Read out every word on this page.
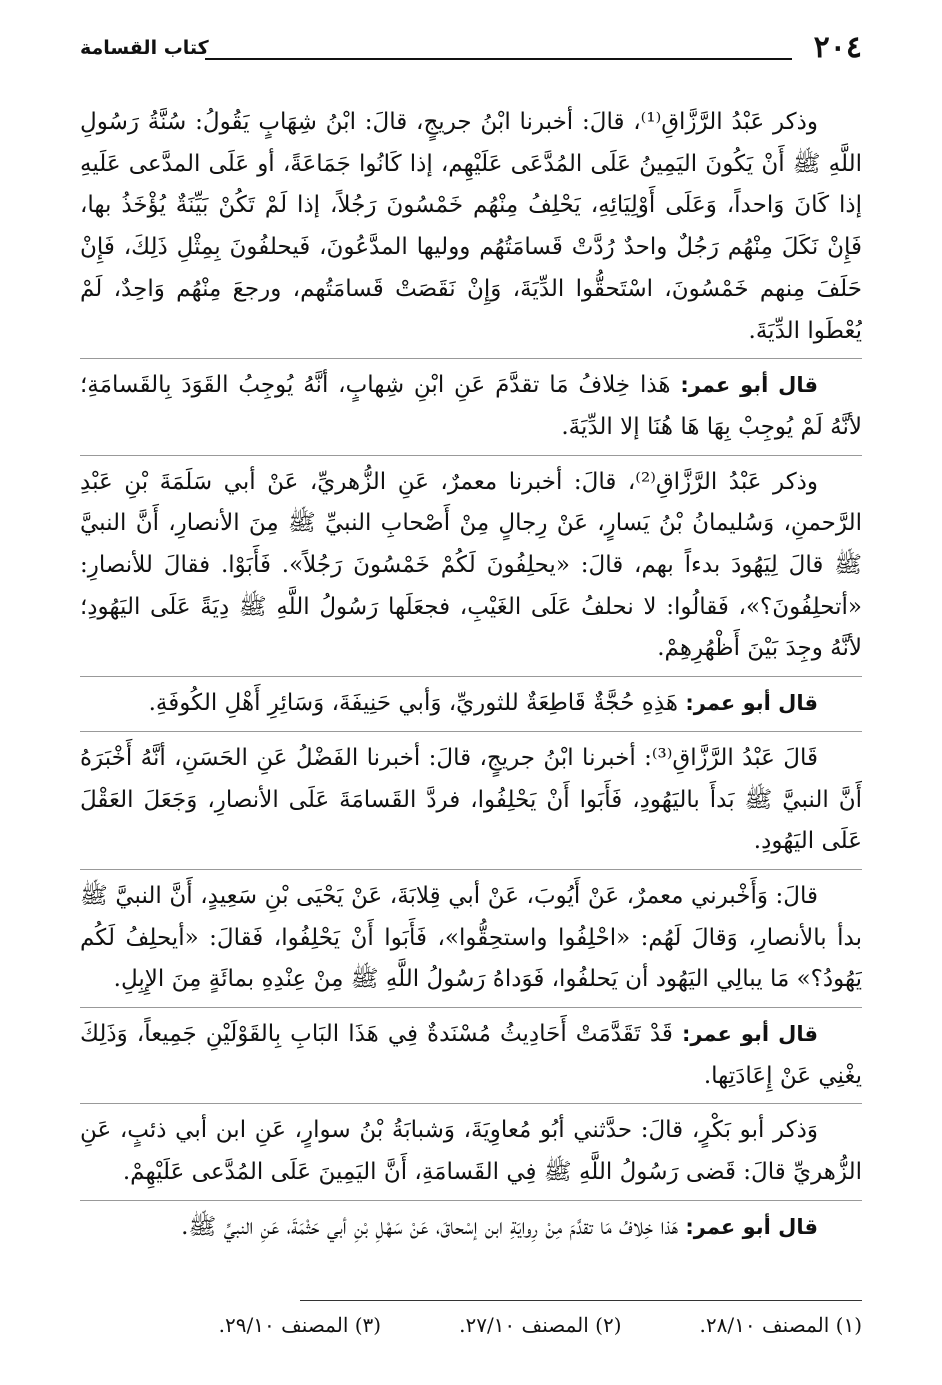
٢٠٤
كتاب القسامة

وذكر عَبْدُ الرَّزَّاقِ⁽¹⁾، قالَ: أخبرنا ابْنُ جريجٍ، قالَ: ابْنُ شِهَابٍ يَقُولُ: سُنَّةُ رَسُولِ اللَّهِ ﷺ أَنْ يَكُونَ اليَمِينُ عَلَى المُدَّعَى عَلَيْهِم، إذا كَانُوا جَمَاعَةً، أو عَلَى المدَّعى عَلَيهِ إذا كَانَ وَاحداً، وَعَلَى أَوْلِيَائِهِ، يَحْلِفُ مِنْهُم خَمْسُونَ رَجُلاً، إذا لَمْ تَكُنْ بَيِّنَةٌ يُؤْخَذُ بها، فَإِنْ نَكَلَ مِنْهُم رَجُلٌ واحدٌ رُدَّتْ قَسامَتُهُم ووليها المدَّعُونَ، فَيحلفُونَ بِمِثْلِ ذَلِكَ، فَإِنْ حَلَفَ مِنهم خَمْسُونَ، اسْتَحقُّوا الدِّيَةَ، وَإِنْ نَقَصَتْ قَسامَتُهم، ورجعَ مِنْهُم وَاحِدٌ، لَمْ يُعْطَوا الدِّيَةَ.

قال أبو عمر: هَذا خِلافُ مَا تقدَّمَ عَنِ ابْنِ شِهابٍ، أنَّهُ يُوجِبُ القَوَدَ بِالقَسامَةِ؛ لأنَّهُ لَمْ يُوجِبْ بِهَا هَا هُنَا إلا الدِّيَةَ.

وذكر عَبْدُ الرَّزَّاقِ⁽²⁾، قالَ: أخبرنا معمرٌ، عَنِ الزُّهريِّ، عَنْ أبي سَلَمَةَ بْنِ عَبْدِ الرَّحمنِ، وَسُليمانُ بْنُ يَسارٍ، عَنْ رِجالٍ مِنْ أَصْحابِ النبيِّ ﷺ مِنَ الأنصارِ، أَنَّ النبيَّ ﷺ قالَ لِيَهُودَ بدءاً بهم، قالَ: «يحلِفُونَ لَكُمْ خَمْسُونَ رَجُلاً». فَأَبَوْا. فقالَ للأنصارِ: «أتحلِفُونَ؟»، فَقالُوا: لا نحلفُ عَلَى الغَيْبِ، فجعَلَها رَسُولُ اللَّهِ ﷺ دِيَةً عَلَى اليَهُودِ؛ لأنَّهُ وجِدَ بَيْنَ أَظْهُرِهِمْ.

قال أبو عمر: هَذِهِ حُجَّةٌ قَاطِعَةٌ للثوريِّ، وَأبي حَنِيفَةَ، وَسَائِرِ أَهْلِ الكُوفَةِ.

قَالَ عَبْدُ الرَّزَّاقِ⁽³⁾: أخبرنا ابْنُ جريجٍ، قالَ: أخبرنا الفَضْلُ عَنِ الحَسَنِ، أنَّهُ أَخْبَرَهُ أَنَّ النبيَّ ﷺ بَدأَ باليَهُودِ، فَأَبَوا أَنْ يَحْلِفُوا، فردَّ القَسامَةَ عَلَى الأنصارِ، وَجَعَلَ العَقْلَ عَلَى اليَهُودِ.

قالَ: وَأَخْبرني معمرٌ، عَنْ أَيُوبَ، عَنْ أبي قِلابَةَ، عَنْ يَحْيَى بْنِ سَعِيدٍ، أَنَّ النبيَّ ﷺ بدأ بالأنصارِ، وَقالَ لَهُم: «احْلِفُوا واستحِقُّوا»، فَأَبَوا أَنْ يَحْلِفُوا، فَقالَ: «أيحلِفُ لَكُم يَهُودُ؟» مَا يبالِي اليَهُود أن يَحلفُوا، فَوَداهُ رَسُولُ اللَّهِ ﷺ مِنْ عِنْدِهِ بمائَةٍ مِنَ الإِبِلِ.

قال أبو عمر: قَدْ تَقَدَّمَتْ أَحَادِيثُ مُسْنَدةٌ فِي هَذَا البَابِ بِالقَوْلَيْنِ جَمِيعاً، وَذَلِكَ يغْنِي عَنْ إِعَادَتِها.

وَذكر أبو بَكْرٍ، قالَ: حدَّثني أبُو مُعاوِيَةَ، وَشبابَةُ بْنُ سوارٍ، عَنِ ابن أبي ذئبٍ، عَنِ الزُّهريِّ قالَ: قَضى رَسُولُ اللَّهِ ﷺ فِي القَسامَةِ، أَنَّ اليَمِينَ عَلَى المُدَّعى عَلَيْهِمْ.

قال أبو عمر: هَذا خِلافُ مَا تقدَّمَ مِنْ رِوايَةِ ابن إسْحاقَ، عَنْ سَهْلِ بْنِ أبي حَثْمَةَ، عَنِ النبيِّ ﷺ.

(١) المصنف ٢٨/١٠.
(٢) المصنف ٢٧/١٠.
(٣) المصنف ٢٩/١٠.
